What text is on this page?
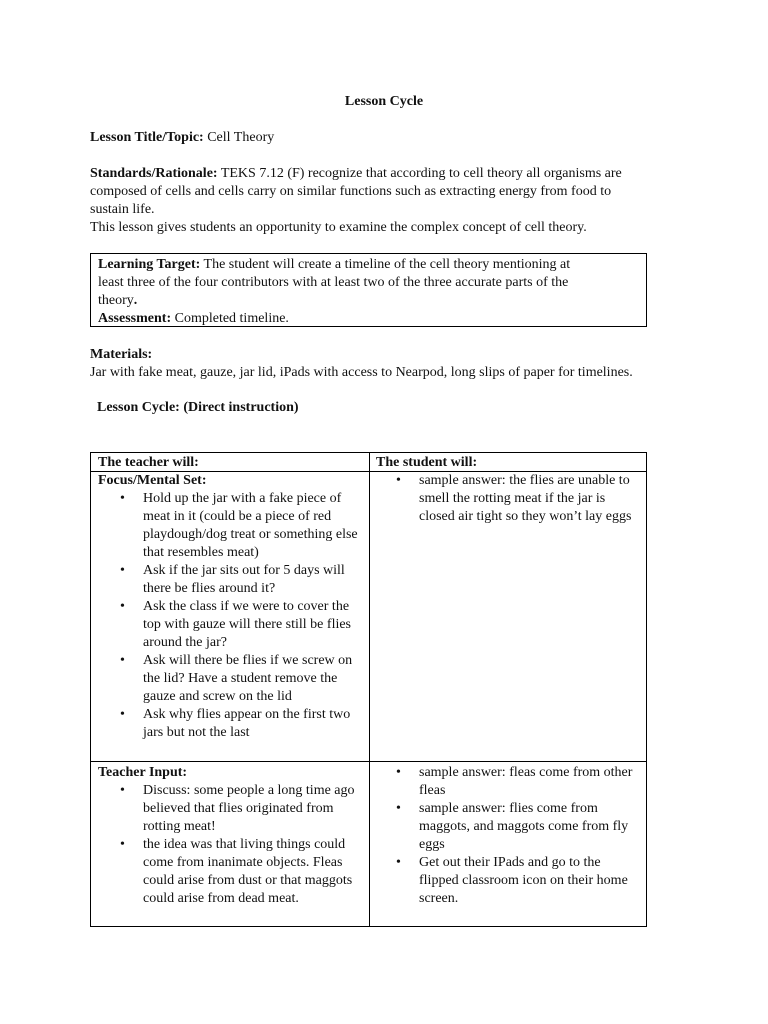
Lesson Cycle
Lesson Title/Topic: Cell Theory
Standards/Rationale: TEKS 7.12 (F) recognize that according to cell theory all organisms are
composed of cells and cells carry on similar functions such as extracting energy from food to
sustain life.
This lesson gives students an opportunity to examine the complex concept of cell theory.

Learning Target: The student will create a timeline of the cell theory mentioning at

least three of the four contributors with at least two of the three accurate parts of the

theory.

Assessment: Completed timeline.

Materials:
Jar with fake meat, gauze, jar lid, iPads with access to Nearpod, long slips of paper for timelines.
Lesson Cycle: (Direct instruction)
The teacher will:	The student will:
Focus/Mental Set:
• Hold up the jar with a fake piece of meat in it (could be a piece of red playdough/dog treat or something else that resembles meat)
• Ask if the jar sits out for 5 days will there be flies around it?
• Ask the class if we were to cover the top with gauze will there still be flies around the jar?
• Ask will there be flies if we screw on the lid? Have a student remove the gauze and screw on the lid
• Ask why flies appear on the first two jars but not the last
• sample answer: the flies are unable to smell the rotting meat if the jar is closed air tight so they won’t lay eggs
Teacher Input:
• Discuss: some people a long time ago believed that flies originated from rotting meat!
• the idea was that living things could come from inanimate objects. Fleas could arise from dust or that maggots could arise from dead meat.
• sample answer: fleas come from other fleas
• sample answer: flies come from maggots, and maggots come from fly eggs
• Get out their IPads and go to the flipped classroom icon on their home screen.
